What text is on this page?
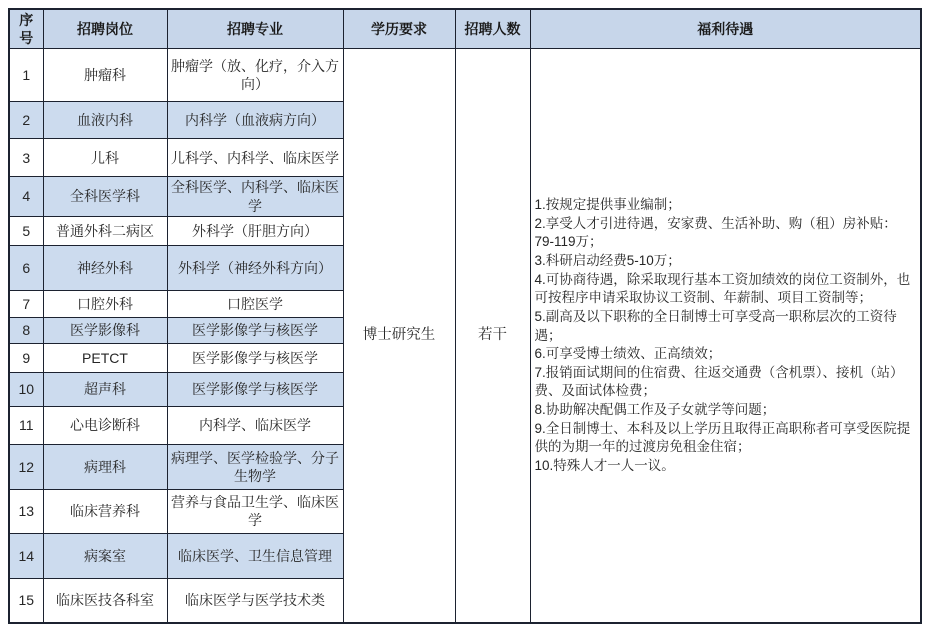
序号	招聘岗位	招聘专业	学历要求	招聘人数	福利待遇
1	肿瘤科	肿瘤学（放、化疗，介入方向）	博士研究生	若干	
1.按规定提供事业编制；
2.享受人才引进待遇，安家费、生活补助、购（租）房补贴：79-119万；
3.科研启动经费5-10万；
4.可协商待遇，除采取现行基本工资加绩效的岗位工资制外，也可按程序申请采取协议工资制、年薪制、项目工资制等；
5.副高及以下职称的全日制博士可享受高一职称层次的工资待遇；
6.可享受博士绩效、正高绩效；
7.报销面试期间的住宿费、往返交通费（含机票）、接机（站）费、及面试体检费；
8.协助解决配偶工作及子女就学等问题；
9.全日制博士、本科及以上学历且取得正高职称者可享受医院提供的为期一年的过渡房免租金住宿；
10.特殊人才一人一议。

2	血液内科	内科学（血液病方向）			
3	儿科	儿科学、内科学、临床医学			
4	全科医学科	全科医学、内科学、临床医学			
5	普通外科二病区	外科学（肝胆方向）			
6	神经外科	外科学（神经外科方向）			
7	口腔外科	口腔医学			
8	医学影像科	医学影像学与核医学			
9	PETCT	医学影像学与核医学			
10	超声科	医学影像学与核医学			
11	心电诊断科	内科学、临床医学			
12	病理科	病理学、医学检验学、分子生物学			
13	临床营养科	营养与食品卫生学、临床医学			
14	病案室	临床医学、卫生信息管理			
15	临床医技各科室	临床医学与医学技术类			
